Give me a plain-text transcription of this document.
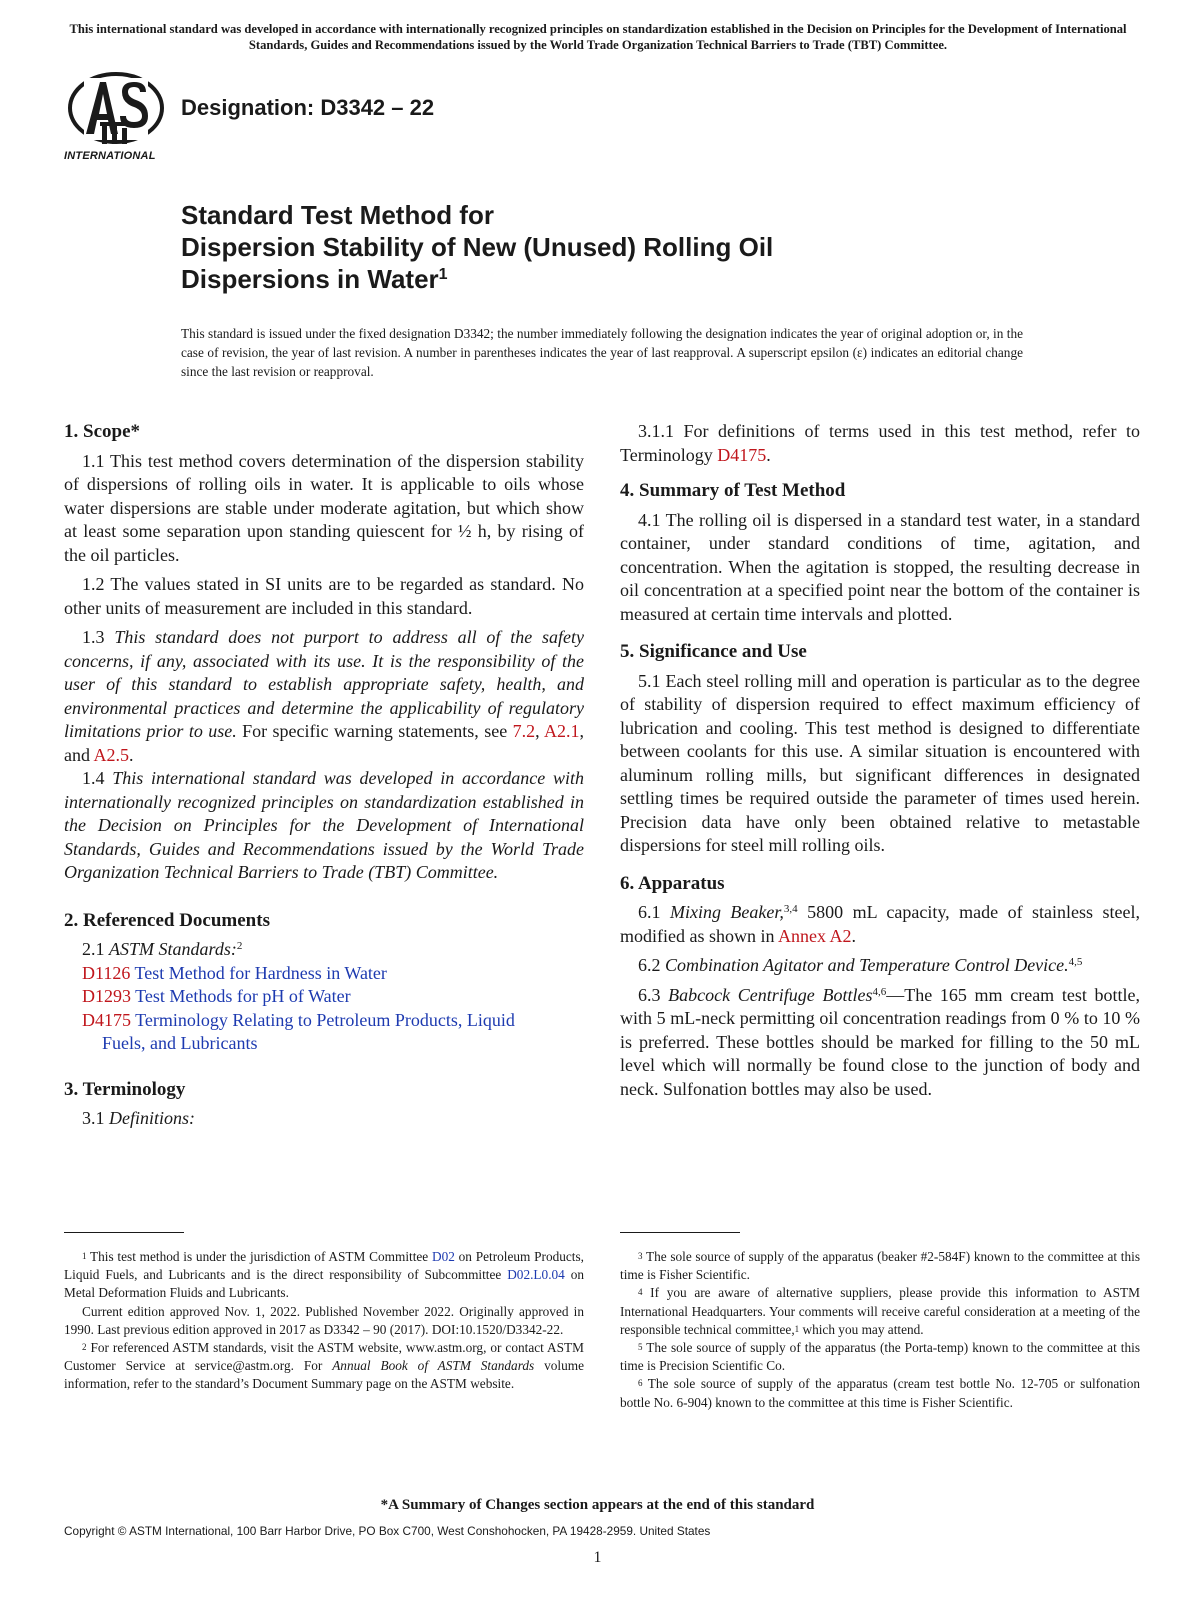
This international standard was developed in accordance with internationally recognized principles on standardization established in the Decision on Principles for the Development of International Standards, Guides and Recommendations issued by the World Trade Organization Technical Barriers to Trade (TBT) Committee.
INTERNATIONAL
Designation: D3342 – 22
Standard Test Method for
Dispersion Stability of New (Unused) Rolling Oil
Dispersions in Water$^1$
This standard is issued under the fixed designation D3342; the number immediately following the designation indicates the year of original adoption or, in the case of revision, the year of last revision. A number in parentheses indicates the year of last reapproval. A superscript epsilon (ε) indicates an editorial change since the last revision or reapproval.
1. Scope*

1.1 This test method covers determination of the dispersion stability of dispersions of rolling oils in water. It is applicable to oils whose water dispersions are stable under moderate agitation, but which show at least some separation upon standing quiescent for ½ h, by rising of the oil particles.

1.2 The values stated in SI units are to be regarded as standard. No other units of measurement are included in this standard.

1.3 This standard does not purport to address all of the safety concerns, if any, associated with its use. It is the responsibility of the user of this standard to establish appropriate safety, health, and environmental practices and determine the applicability of regulatory limitations prior to use. For specific warning statements, see 7.2, A2.1, and A2.5.

1.4 This international standard was developed in accordance with internationally recognized principles on standardization established in the Decision on Principles for the Development of International Standards, Guides and Recommendations issued by the World Trade Organization Technical Barriers to Trade (TBT) Committee.

2. Referenced Documents

2.1 ASTM Standards:$^2$

D1126 Test Method for Hardness in Water
D1293 Test Methods for pH of Water
D4175 Terminology Relating to Petroleum Products, Liquid
Fuels, and Lubricants
3. Terminology

3.1 Definitions:

3.1.1 For definitions of terms used in this test method, refer to Terminology D4175.

4. Summary of Test Method

4.1 The rolling oil is dispersed in a standard test water, in a standard container, under standard conditions of time, agitation, and concentration. When the agitation is stopped, the resulting decrease in oil concentration at a specified point near the bottom of the container is measured at certain time intervals and plotted.

5. Significance and Use

5.1 Each steel rolling mill and operation is particular as to the degree of stability of dispersion required to effect maximum efficiency of lubrication and cooling. This test method is designed to differentiate between coolants for this use. A similar situation is encountered with aluminum rolling mills, but significant differences in designated settling times be required outside the parameter of times used herein. Precision data have only been obtained relative to metastable dispersions for steel mill rolling oils.

6. Apparatus

6.1 Mixing Beaker,$^{3,4}$ 5800 mL capacity, made of stainless steel, modified as shown in Annex A2.

6.2 Combination Agitator and Temperature Control Device.$^{4,5}$

6.3 Babcock Centrifuge Bottles$^{4,6}$—The 165 mm cream test bottle, with 5 mL-neck permitting oil concentration readings from 0 % to 10 % is preferred. These bottles should be marked for filling to the 50 mL level which will normally be found close to the junction of body and neck. Sulfonation bottles may also be used.

$^1$ This test method is under the jurisdiction of ASTM Committee D02 on Petroleum Products, Liquid Fuels, and Lubricants and is the direct responsibility of Subcommittee D02.L0.04 on Metal Deformation Fluids and Lubricants.

Current edition approved Nov. 1, 2022. Published November 2022. Originally approved in 1990. Last previous edition approved in 2017 as D3342 – 90 (2017). DOI:10.1520/D3342-22.

$^2$ For referenced ASTM standards, visit the ASTM website, www.astm.org, or contact ASTM Customer Service at service@astm.org. For Annual Book of ASTM Standards volume information, refer to the standard’s Document Summary page on the ASTM website.

$^3$ The sole source of supply of the apparatus (beaker #2-584F) known to the committee at this time is Fisher Scientific.

$^4$ If you are aware of alternative suppliers, please provide this information to ASTM International Headquarters. Your comments will receive careful consideration at a meeting of the responsible technical committee,$^1$ which you may attend.

$^5$ The sole source of supply of the apparatus (the Porta-temp) known to the committee at this time is Precision Scientific Co.

$^6$ The sole source of supply of the apparatus (cream test bottle No. 12-705 or sulfonation bottle No. 6-904) known to the committee at this time is Fisher Scientific.

*A Summary of Changes section appears at the end of this standard
Copyright © ASTM International, 100 Barr Harbor Drive, PO Box C700, West Conshohocken, PA 19428-2959. United States
1
